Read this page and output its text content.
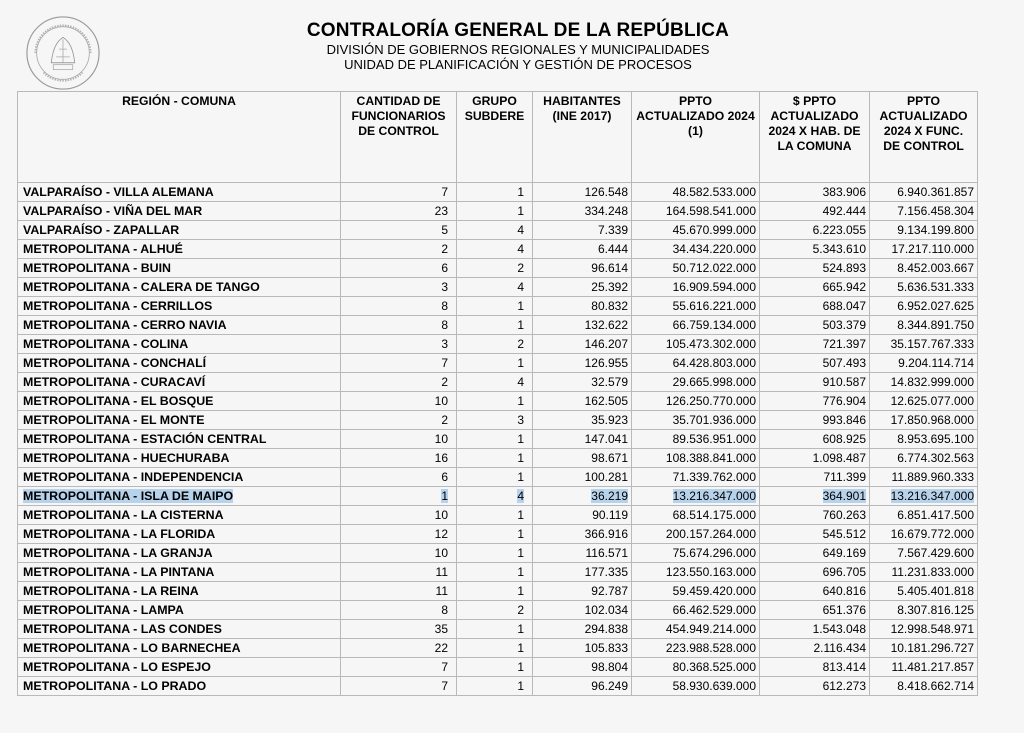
CONTRALORÍA GENERAL DE LA REPÚBLICA
DIVISIÓN DE GOBIERNOS REGIONALES Y MUNICIPALIDADES
UNIDAD DE PLANIFICACIÓN Y GESTIÓN DE PROCESOS
REGIÓN - COMUNA	CANTIDAD DE FUNCIONARIOS DE CONTROL	GRUPO SUBDERE	HABITANTES (INE 2017)	PPTO ACTUALIZADO 2024 (1)	$ PPTO ACTUALIZADO 2024 X HAB. DE LA COMUNA	PPTO ACTUALIZADO 2024 X FUNC. DE CONTROL
VALPARAÍSO - VILLA ALEMANA	7	1	126.548	48.582.533.000	383.906	6.940.361.857
VALPARAÍSO - VIÑA DEL MAR	23	1	334.248	164.598.541.000	492.444	7.156.458.304
VALPARAÍSO - ZAPALLAR	5	4	7.339	45.670.999.000	6.223.055	9.134.199.800
METROPOLITANA - ALHUÉ	2	4	6.444	34.434.220.000	5.343.610	17.217.110.000
METROPOLITANA - BUIN	6	2	96.614	50.712.022.000	524.893	8.452.003.667
METROPOLITANA - CALERA DE TANGO	3	4	25.392	16.909.594.000	665.942	5.636.531.333
METROPOLITANA - CERRILLOS	8	1	80.832	55.616.221.000	688.047	6.952.027.625
METROPOLITANA - CERRO NAVIA	8	1	132.622	66.759.134.000	503.379	8.344.891.750
METROPOLITANA - COLINA	3	2	146.207	105.473.302.000	721.397	35.157.767.333
METROPOLITANA - CONCHALÍ	7	1	126.955	64.428.803.000	507.493	9.204.114.714
METROPOLITANA - CURACAVÍ	2	4	32.579	29.665.998.000	910.587	14.832.999.000
METROPOLITANA - EL BOSQUE	10	1	162.505	126.250.770.000	776.904	12.625.077.000
METROPOLITANA - EL MONTE	2	3	35.923	35.701.936.000	993.846	17.850.968.000
METROPOLITANA - ESTACIÓN CENTRAL	10	1	147.041	89.536.951.000	608.925	8.953.695.100
METROPOLITANA - HUECHURABA	16	1	98.671	108.388.841.000	1.098.487	6.774.302.563
METROPOLITANA - INDEPENDENCIA	6	1	100.281	71.339.762.000	711.399	11.889.960.333
METROPOLITANA - ISLA DE MAIPO	1	4	36.219	13.216.347.000	364.901	13.216.347.000
METROPOLITANA - LA CISTERNA	10	1	90.119	68.514.175.000	760.263	6.851.417.500
METROPOLITANA - LA FLORIDA	12	1	366.916	200.157.264.000	545.512	16.679.772.000
METROPOLITANA - LA GRANJA	10	1	116.571	75.674.296.000	649.169	7.567.429.600
METROPOLITANA - LA PINTANA	11	1	177.335	123.550.163.000	696.705	11.231.833.000
METROPOLITANA - LA REINA	11	1	92.787	59.459.420.000	640.816	5.405.401.818
METROPOLITANA - LAMPA	8	2	102.034	66.462.529.000	651.376	8.307.816.125
METROPOLITANA - LAS CONDES	35	1	294.838	454.949.214.000	1.543.048	12.998.548.971
METROPOLITANA - LO BARNECHEA	22	1	105.833	223.988.528.000	2.116.434	10.181.296.727
METROPOLITANA - LO ESPEJO	7	1	98.804	80.368.525.000	813.414	11.481.217.857
METROPOLITANA - LO PRADO	7	1	96.249	58.930.639.000	612.273	8.418.662.714
